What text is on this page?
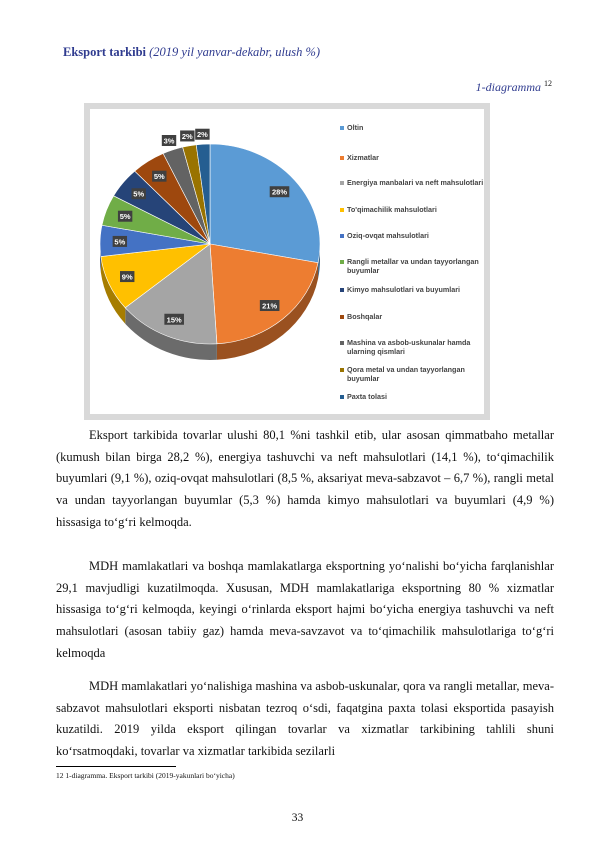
Eksport tarkibi (2019 yil yanvar-dekabr, ulush %)
1-diagramma $^{12}$
28%
21%
15%
9%
5%
5%
5%
5%
3%
2% 2%
Oltin
Xizmatlar
Energiya manbalari va neft mahsulotlari
To'qimachilik mahsulotlari
Oziq-ovqat mahsulotlari
Rangli metallar va undan tayyorlangan buyumlar
Kimyo mahsulotlari va buyumlari
Boshqalar
Mashina va asbob-uskunalar hamda ularning qismlari
Qora metal va undan tayyorlangan buyumlar
Paxta tolasi

Eksport tarkibida tovarlar ulushi 80,1 %ni tashkil etib, ular asosan qimmatbaho metallar (kumush bilan birga 28,2 %), energiya tashuvchi va neft mahsulotlari (14,1 %), to‘qimachilik buyumlari (9,1 %), oziq-ovqat mahsulotlari (8,5 %, aksariyat meva-sabzavot – 6,7 %), rangli metal va undan tayyorlangan buyumlar (5,3 %) hamda kimyo mahsulotlari va buyumlari (4,9 %) hissasiga to‘g‘ri kelmoqda.

MDH mamlakatlari va boshqa mamlakatlarga eksportning yo‘nalishi bo‘yicha farqlanishlar 29,1 mavjudligi kuzatilmoqda. Xususan, MDH mamlakatlariga eksportning 80 % xizmatlar hissasiga to‘g‘ri kelmoqda, keyingi o‘rinlarda eksport hajmi bo‘yicha energiya tashuvchi va neft mahsulotlari (asosan tabiiy gaz) hamda meva-savzavot va to‘qimachilik mahsulotlariga to‘g‘ri kelmoqda

MDH mamlakatlari yo‘nalishiga mashina va asbob-uskunalar, qora va rangli metallar, meva-sabzavot mahsulotlari eksporti nisbatan tezroq o‘sdi, faqatgina paxta tolasi eksportida pasayish kuzatildi. 2019 yilda eksport qilingan tovarlar va xizmatlar tarkibining tahlili shuni ko‘rsatmoqdaki, tovarlar va xizmatlar tarkibida sezilarli

12 1-diagramma. Eksport tarkibi (2019-yakunlari bo‘yicha)
33
